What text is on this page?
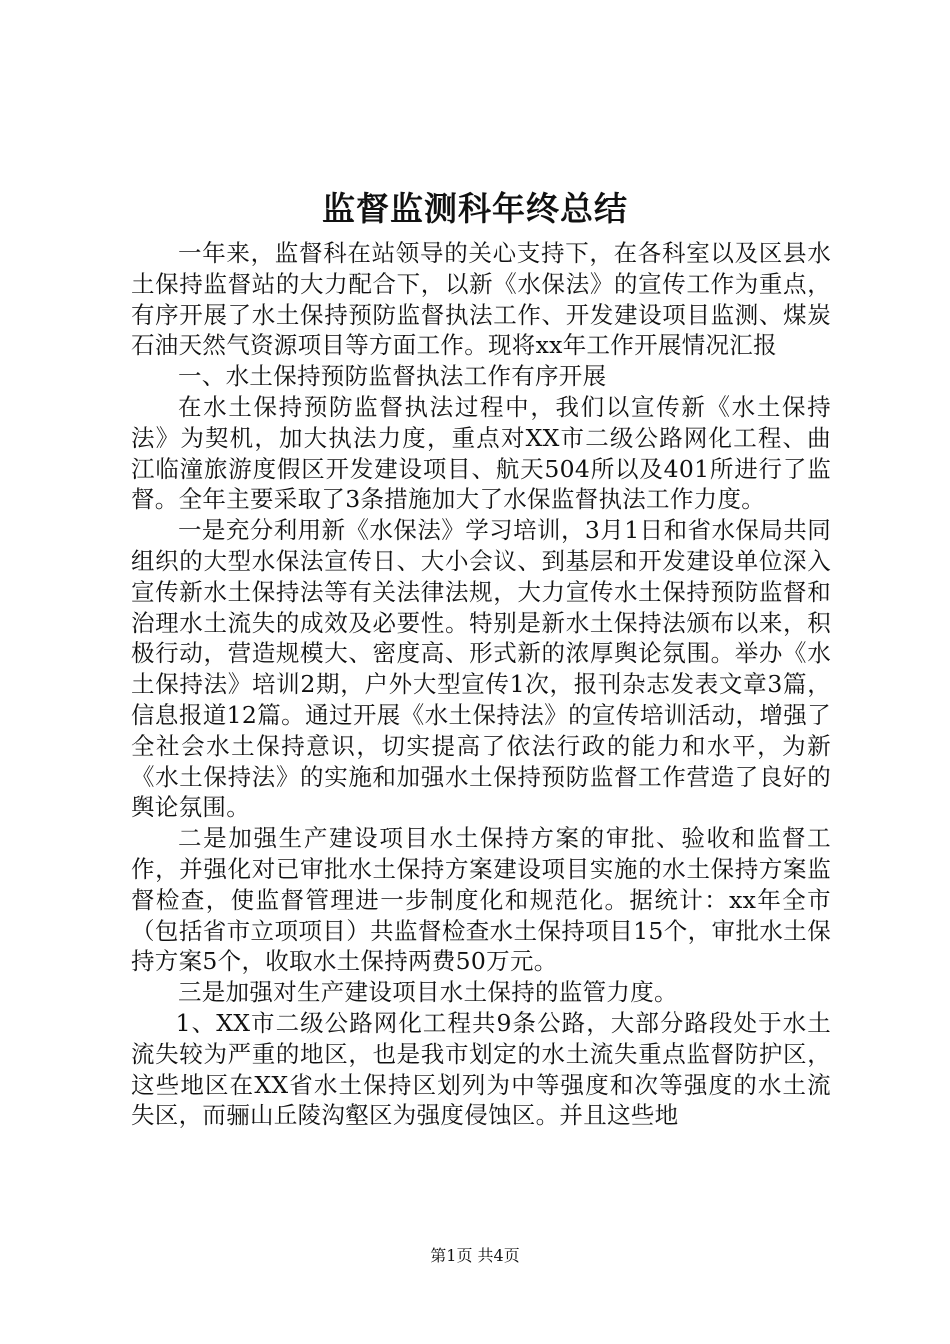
监督监测科年终总结

一年来，监督科在站领导的关心支持下，在各科室以及区县水土保持监督站的大力配合下，以新《水保法》的宣传工作为重点，有序开展了水土保持预防监督执法工作、开发建设项目监测、煤炭石油天然气资源项目等方面工作。现将xx年工作开展情况汇报

一、水土保持预防监督执法工作有序开展

在水土保持预防监督执法过程中，我们以宣传新《水土保持法》为契机，加大执法力度，重点对XX市二级公路网化工程、曲江临潼旅游度假区开发建设项目、航天504所以及401所进行了监督。全年主要采取了3条措施加大了水保监督执法工作力度。

一是充分利用新《水保法》学习培训，3月1日和省水保局共同组织的大型水保法宣传日、大小会议、到基层和开发建设单位深入宣传新水土保持法等有关法律法规，大力宣传水土保持预防监督和治理水土流失的成效及必要性。特别是新水土保持法颁布以来，积极行动，营造规模大、密度高、形式新的浓厚舆论氛围。举办《水土保持法》培训2期，户外大型宣传1次，报刊杂志发表文章3篇，信息报道12篇。通过开展《水土保持法》的宣传培训活动，增强了全社会水土保持意识，切实提高了依法行政的能力和水平，为新《水土保持法》的实施和加强水土保持预防监督工作营造了良好的舆论氛围。

二是加强生产建设项目水土保持方案的审批、验收和监督工作，并强化对已审批水土保持方案建设项目实施的水土保持方案监督检查，使监督管理进一步制度化和规范化。据统计：xx年全市（包括省市立项项目）共监督检查水土保持项目15个，审批水土保持方案5个，收取水土保持两费50万元。

三是加强对生产建设项目水土保持的监管力度。

1、XX市二级公路网化工程共9条公路，大部分路段处于水土流失较为严重的地区，也是我市划定的水土流失重点监督防护区，这些地区在XX省水土保持区划列为中等强度和次等强度的水土流失区，而骊山丘陵沟壑区为强度侵蚀区。并且这些地

第1页 共4页
